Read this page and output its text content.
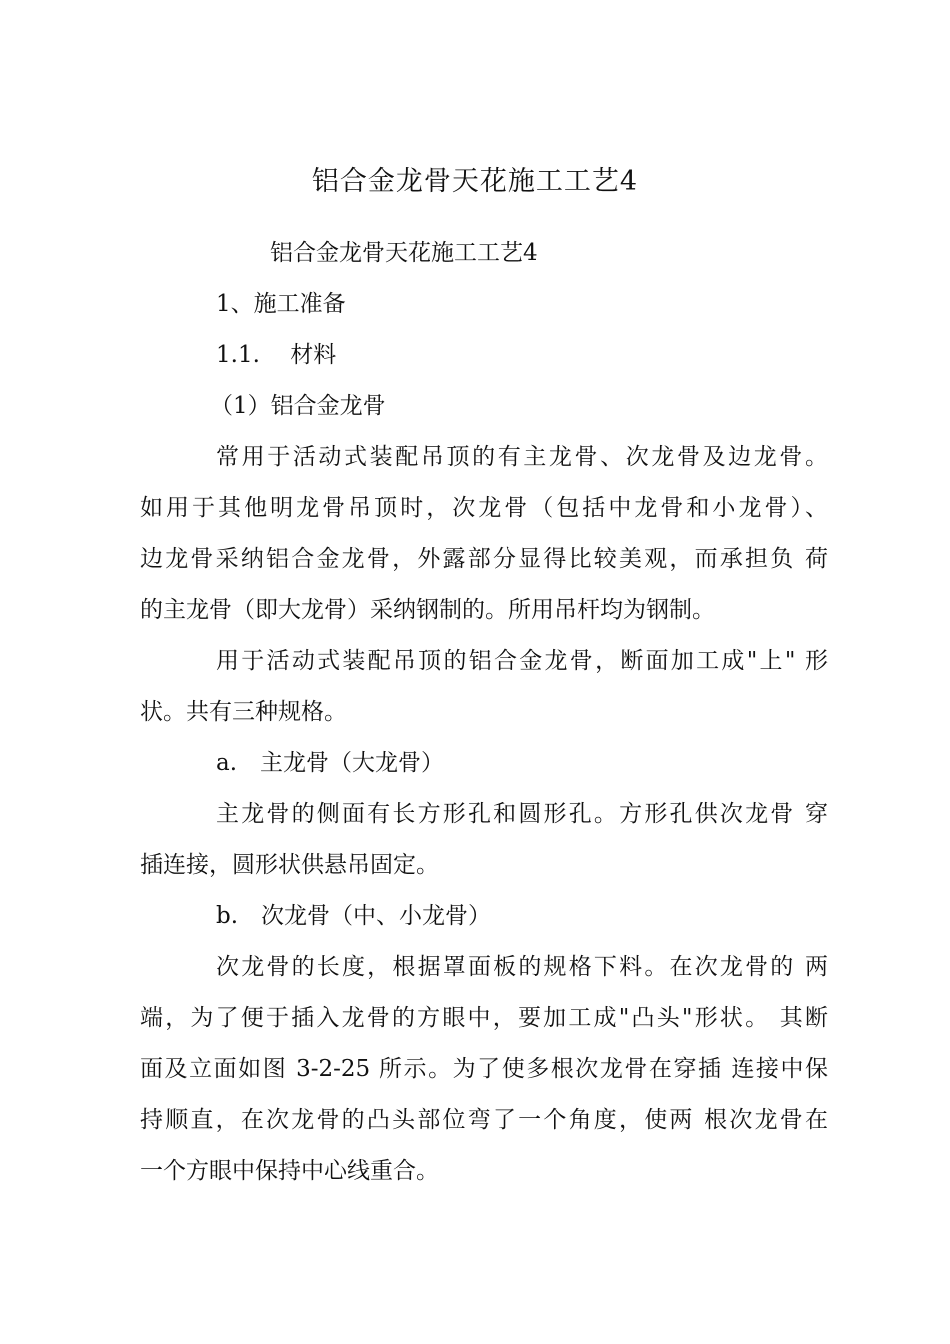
铝合金龙骨天花施工工艺4

铝合金龙骨天花施工工艺4

1、施工准备

1.1.　 材料

（1）铝合金龙骨

常用于活动式装配吊顶的有主龙骨、次龙骨及边龙骨。
如用于其他明龙骨吊顶时，次龙骨（包括中龙骨和小龙骨）、
边龙骨采纳铝合金龙骨，外露部分显得比较美观，而承担负 荷
的主龙骨（即大龙骨）采纳钢制的。所用吊杆均为钢制。
用于活动式装配吊顶的铝合金龙骨，断面加工成"上" 形
状。共有三种规格。

a.　主龙骨（大龙骨）

主龙骨的侧面有长方形孔和圆形孔。方形孔供次龙骨 穿
插连接，圆形状供悬吊固定。

b.　次龙骨（中、小龙骨）

次龙骨的长度，根据罩面板的规格下料。在次龙骨的 两
端，为了便于插入龙骨的方眼中，要加工成"凸头"形状。 其断
面及立面如图 3-2-25 所示。为了使多根次龙骨在穿插 连接中保
持顺直，在次龙骨的凸头部位弯了一个角度，使两 根次龙骨在
一个方眼中保持中心线重合。
